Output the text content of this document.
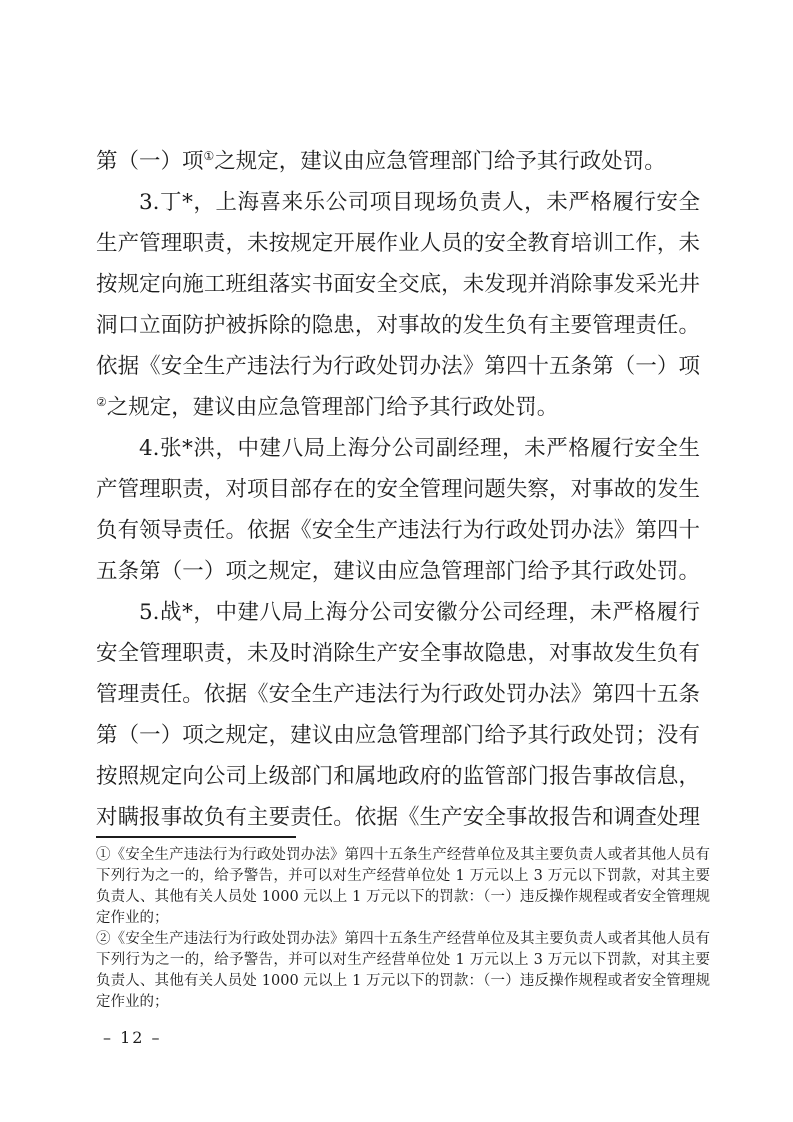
第（一）项①之规定，建议由应急管理部门给予其行政处罚。
3.丁*，上海喜来乐公司项目现场负责人，未严格履行安全
生产管理职责，未按规定开展作业人员的安全教育培训工作，未
按规定向施工班组落实书面安全交底，未发现并消除事发采光井
洞口立面防护被拆除的隐患，对事故的发生负有主要管理责任。
依据《安全生产违法行为行政处罚办法》第四十五条第（一）项
②之规定，建议由应急管理部门给予其行政处罚。
4.张*洪，中建八局上海分公司副经理，未严格履行安全生
产管理职责，对项目部存在的安全管理问题失察，对事故的发生
负有领导责任。依据《安全生产违法行为行政处罚办法》第四十
五条第（一）项之规定，建议由应急管理部门给予其行政处罚。
5.战*，中建八局上海分公司安徽分公司经理，未严格履行
安全管理职责，未及时消除生产安全事故隐患，对事故发生负有
管理责任。依据《安全生产违法行为行政处罚办法》第四十五条
第（一）项之规定，建议由应急管理部门给予其行政处罚；没有
按照规定向公司上级部门和属地政府的监管部门报告事故信息，
对瞒报事故负有主要责任。依据《生产安全事故报告和调查处理

①《安全生产违法行为行政处罚办法》第四十五条生产经营单位及其主要负责人或者其他人员有下列行为之一的，给予警告，并可以对生产经营单位处 1 万元以上 3 万元以下罚款，对其主要负责人、其他有关人员处 1000 元以上 1 万元以下的罚款：（一）违反操作规程或者安全管理规定作业的；

②《安全生产违法行为行政处罚办法》第四十五条生产经营单位及其主要负责人或者其他人员有下列行为之一的，给予警告，并可以对生产经营单位处 1 万元以上 3 万元以下罚款，对其主要负责人、其他有关人员处 1000 元以上 1 万元以下的罚款：（一）违反操作规程或者安全管理规定作业的；

– 12 –
